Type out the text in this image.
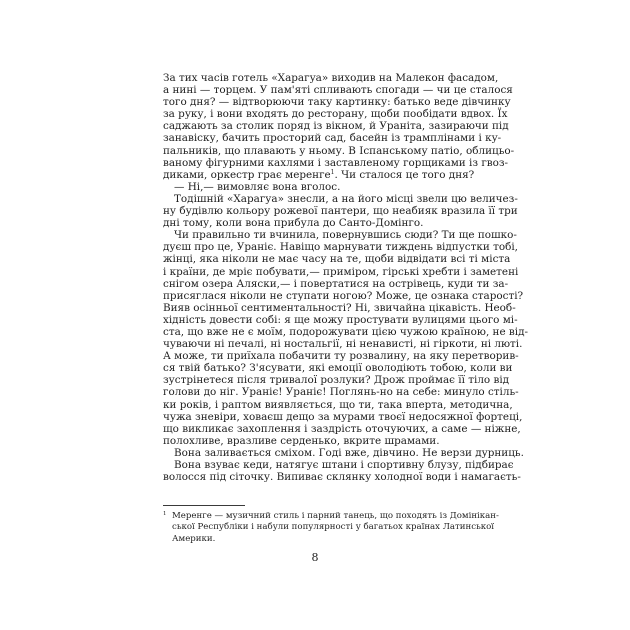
За тих часів готель «Харагуа» виходив на Малекон фасадом,
а нині — торцем. У пам'яті спливають спогади — чи це сталося
того дня? — відтворюючи таку картинку: батько веде дівчинку
за руку, і вони входять до ресторану, щоби пообідати вдвох. Їх
саджають за столик поряд із вікном, й Ураніта, зазираючи під
занавіску, бачить просторий сад, басейн із трамплінами і ку-
пальників, що плавають у ньому. В Іспанському патіо, облицьо-
ваному фігурними кахлями і заставленому горщиками із гвоз-
диками, оркестр грає меренге$^1$. Чи сталося це того дня?
— Ні,— вимовляє вона вголос.
Тодішній «Харагуа» знесли, а на його місці звели цю величез-
ну будівлю кольору рожевої пантери, що неабияк вразила її три
дні тому, коли вона прибула до Санто-Домінго.
Чи правильно ти вчинила, повернувшись сюди? Ти ще пошко-
дуєш про це, Ураніє. Навіщо марнувати тиждень відпустки тобі,
жінці, яка ніколи не має часу на те, щоби відвідати всі ті міста
і країни, де мріє побувати,— приміром, гірські хребти і заметені
снігом озера Аляски,— і повертатися на острівець, куди ти за-
присяглася ніколи не ступати ногою? Може, це ознака старості?
Вияв осінньої сентиментальності? Ні, звичайна цікавість. Необ-
хідність довести собі: я ще можу простувати вулицями цього мі-
ста, що вже не є моїм, подорожувати цією чужою країною, не від-
чуваючи ні печалі, ні ностальгії, ні ненависті, ні гіркоти, ні люті.
А може, ти приїхала побачити ту розвалину, на яку перетворив-
ся твій батько? З'ясувати, які емоції оволодіють тобою, коли ви
зустрінетеся після тривалої розлуки? Дрож проймає її тіло від
голови до ніг. Ураніє! Ураніє! Поглянь-но на себе: минуло стіль-
ки років, і раптом виявляється, що ти, така вперта, методична,
чужа зневіри, ховаєш дещо за мурами твоєї недосяжної фортеці,
що викликає захоплення і заздрість оточуючих, а саме — ніжне,
полохливе, вразливе серденько, вкрите шрамами.
Вона заливається сміхом. Годі вже, дівчино. Не верзи дурниць.
Вона взуває кеди, натягує штани і спортивну блузу, підбирає
волосся під сіточку. Випиває склянку холодної води і намагаєть-
1 Меренге — музичний стиль і парний танець, що походять із Домінікан-
ської Республіки і набули популярності у багатьох країнах Латинської
Америки.
8
